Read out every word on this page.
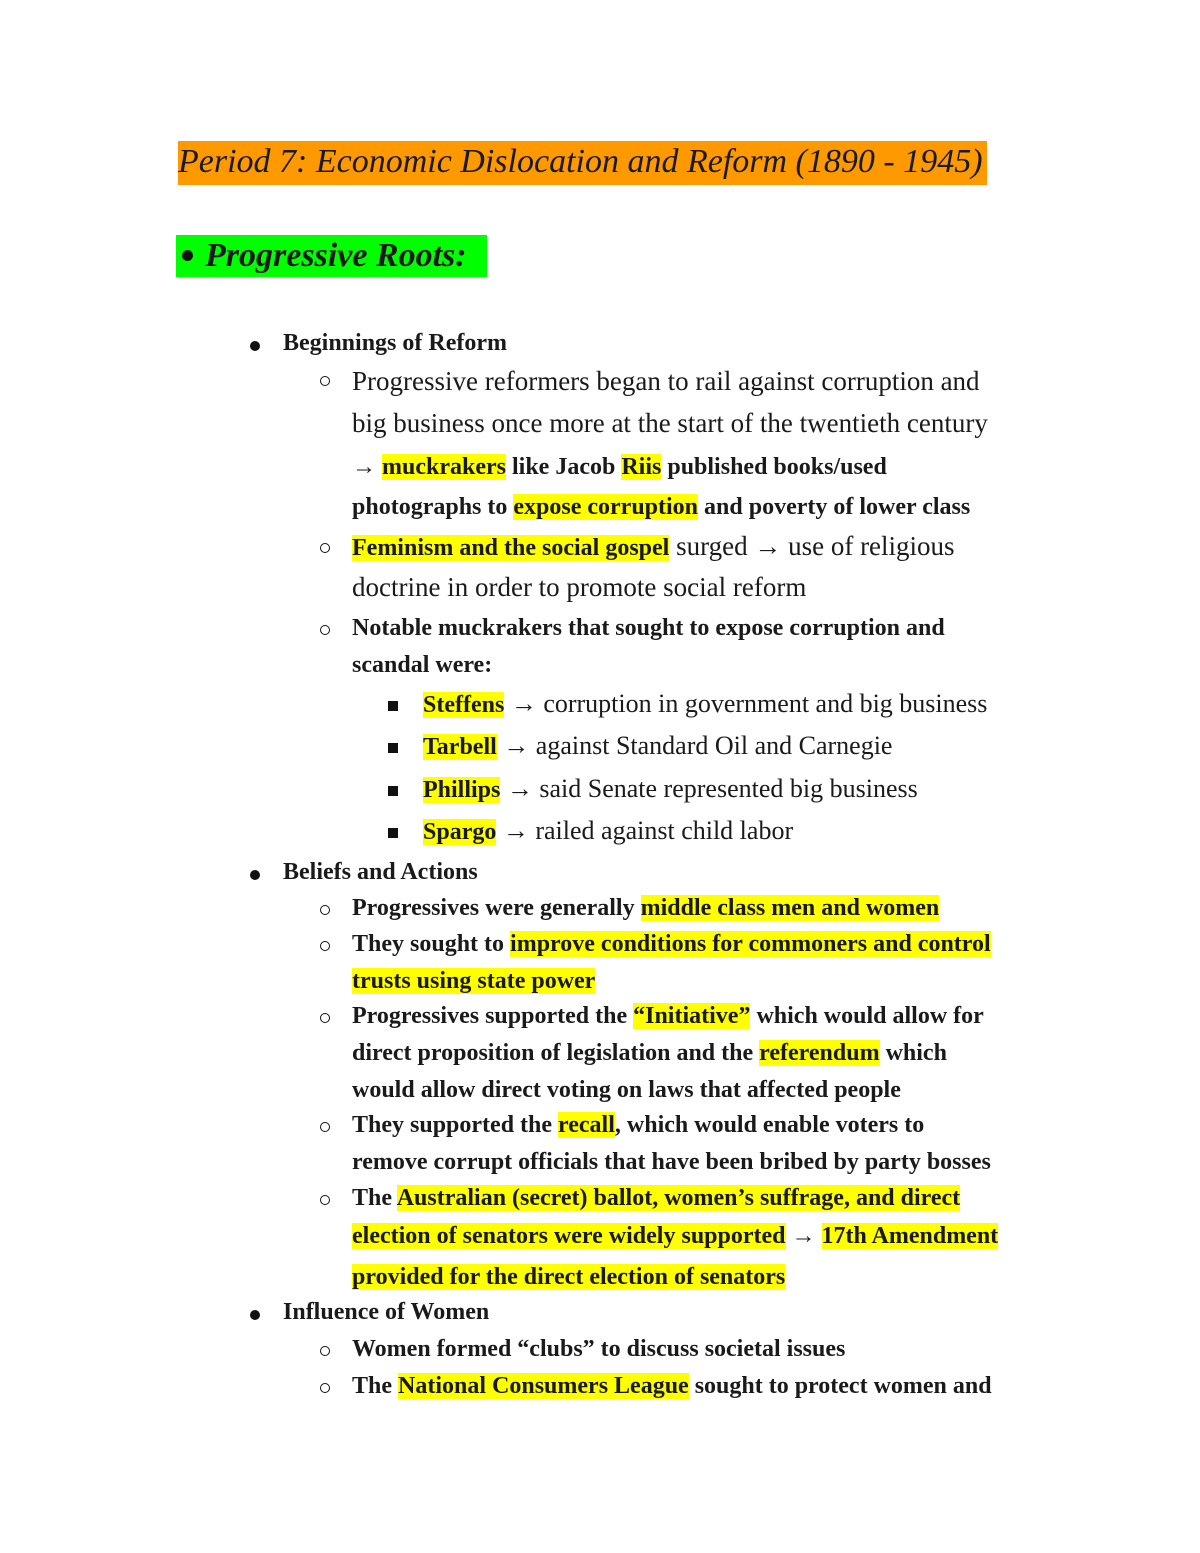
Period 7: Economic Dislocation and Reform (1890 - 1945)
Progressive Roots:
Beginnings of Reform
Progressive reformers began to rail against corruption and
big business once more at the start of the twentieth century
→ muckrakers like Jacob Riis published books/used
photographs to expose corruption and poverty of lower class
Feminism and the social gospel surged → use of religious
doctrine in order to promote social reform
Notable muckrakers that sought to expose corruption and
scandal were:
Steffens → corruption in government and big business
Tarbell → against Standard Oil and Carnegie
Phillips → said Senate represented big business
Spargo → railed against child labor
Beliefs and Actions
Progressives were generally middle class men and women
They sought to improve conditions for commoners and control
trusts using state power
Progressives supported the “Initiative” which would allow for
direct proposition of legislation and the referendum which
would allow direct voting on laws that affected people
They supported the recall, which would enable voters to
remove corrupt officials that have been bribed by party bosses
The Australian (secret) ballot, women’s suffrage, and direct
election of senators were widely supported → 17th Amendment
provided for the direct election of senators
Influence of Women
Women formed “clubs” to discuss societal issues
The National Consumers League sought to protect women and
